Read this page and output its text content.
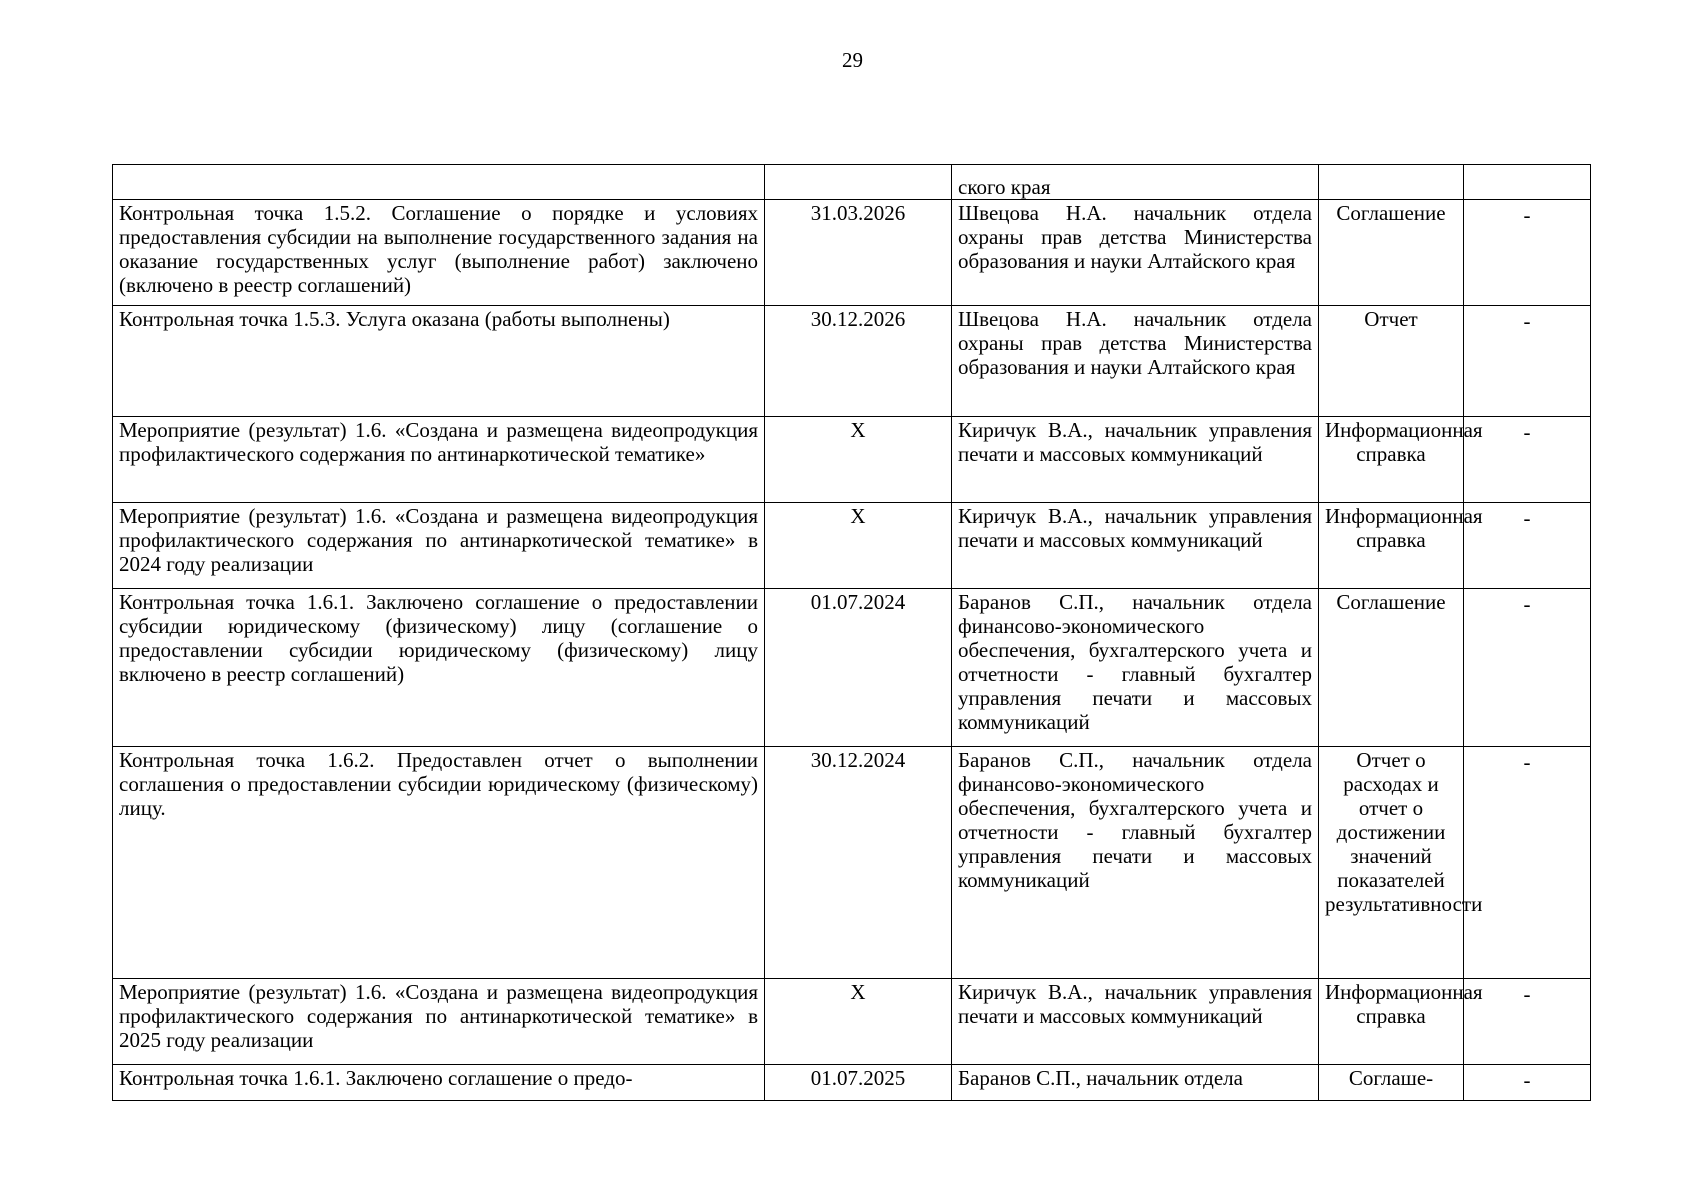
29

		ского края		

Контрольная точка 1.5.2. Соглашение о порядке и условиях предоставления субсидии на выполнение государственного задания на оказание государственных услуг (выполнение работ) заключено (включено в реестр соглашений)	31.03.2026	Швецова Н.А. начальник отдела охраны прав детства Министерства образования и науки Алтайского края	Соглашение	-

Контрольная точка 1.5.3. Услуга оказана (работы выполнены)	30.12.2026	Швецова Н.А. начальник отдела охраны прав детства Министерства образования и науки Алтайского края	Отчет	-

Мероприятие (результат) 1.6. «Создана и размещена видеопродукция профилактического содержания по антинаркотической тематике»	X	Киричук В.А., начальник управления печати и массовых коммуникаций	Информационная справка	-

Мероприятие (результат) 1.6. «Создана и размещена видеопродукция профилактического содержания по антинаркотической тематике» в 2024 году реализации	X	Киричук В.А., начальник управления печати и массовых коммуникаций	Информационная справка	-

Контрольная точка 1.6.1. Заключено соглашение о предоставлении субсидии юридическому (физическому) лицу (соглашение о предоставлении субсидии юридическому (физическому) лицу включено в реестр соглашений)	01.07.2024	Баранов С.П., начальник отдела финансово-экономического обеспечения, бухгалтерского учета и отчетности - главный бухгалтер управления печати и массовых коммуникаций	Соглашение	-

Контрольная точка 1.6.2. Предоставлен отчет о выполнении соглашения о предоставлении субсидии юридическому (физическому) лицу.	30.12.2024	Баранов С.П., начальник отдела финансово-экономического обеспечения, бухгалтерского учета и отчетности - главный бухгалтер управления печати и массовых коммуникаций	Отчет о расходах и отчет о достижении значений показателей результативности	-

Мероприятие (результат) 1.6. «Создана и размещена видеопродукция профилактического содержания по антинаркотической тематике» в 2025 году реализации	X	Киричук В.А., начальник управления печати и массовых коммуникаций	Информационная справка	-

Контрольная точка 1.6.1. Заключено соглашение о предо-	01.07.2025	Баранов С.П., начальник отдела	Соглаше-	-
